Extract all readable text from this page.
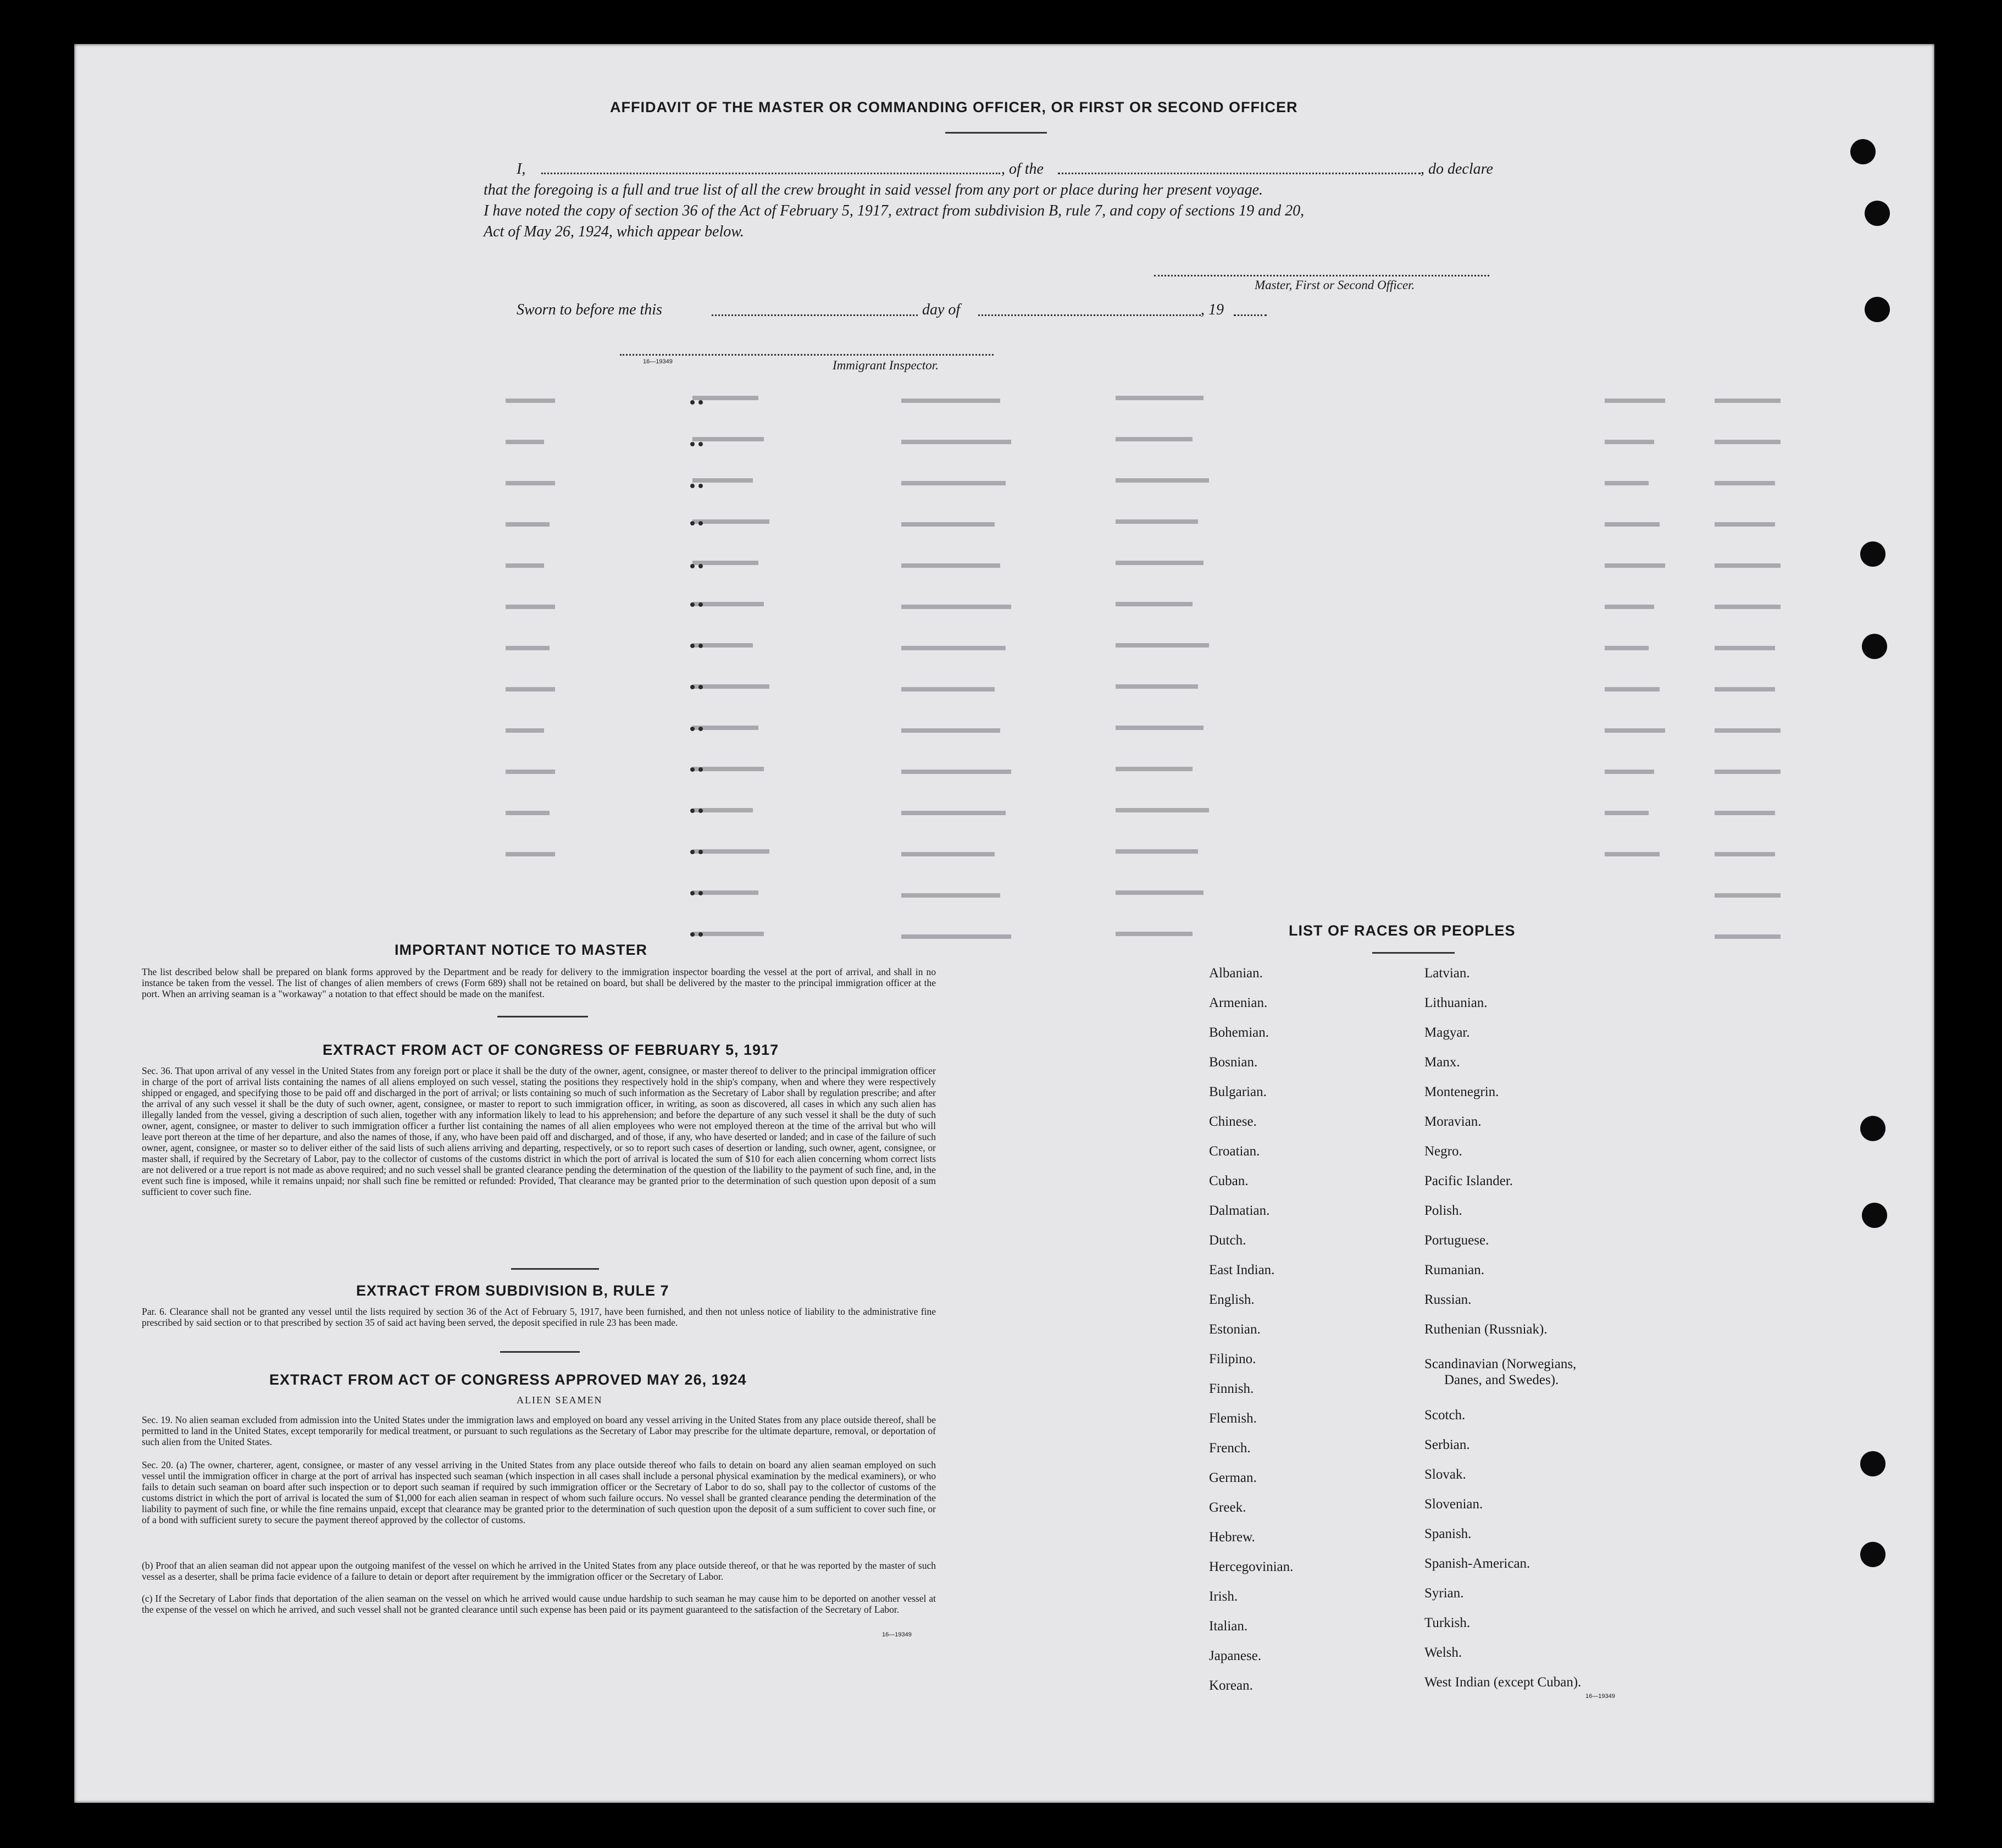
AFFIDAVIT OF THE MASTER OR COMMANDING OFFICER, OR FIRST OR SECOND OFFICER
I,	, of the	, do declare
that the foregoing is a full and true list of all the crew brought in said vessel from any port or place during her present voyage.
I have noted the copy of section 36 of the Act of February 5, 1917, extract from subdivision B, rule 7, and copy of sections 19 and 20,
Act of May 26, 1924, which appear below.
Master, First or Second Officer.
Sworn to before me this	day of	, 19
16—19349	Immigrant Inspector.
IMPORTANT NOTICE TO MASTER
The list described below shall be prepared on blank forms approved by the Department and be ready for delivery to the immigration inspector boarding the vessel at the port of arrival, and shall in no instance be taken from the vessel. The list of changes of alien members of crews (Form 689) shall not be retained on board, but shall be delivered by the master to the principal immigration officer at the port. When an arriving seaman is a "workaway" a notation to that effect should be made on the manifest.
EXTRACT FROM ACT OF CONGRESS OF FEBRUARY 5, 1917
Sec. 36. That upon arrival of any vessel in the United States from any foreign port or place it shall be the duty of the owner, agent, consignee, or master thereof to deliver to the principal immigration officer in charge of the port of arrival lists containing the names of all aliens employed on such vessel, stating the positions they respectively hold in the ship's company, when and where they were respectively shipped or engaged, and specifying those to be paid off and discharged in the port of arrival; or lists containing so much of such information as the Secretary of Labor shall by regulation prescribe; and after the arrival of any such vessel it shall be the duty of such owner, agent, consignee, or master to report to such immigration officer, in writing, as soon as discovered, all cases in which any such alien has illegally landed from the vessel, giving a description of such alien, together with any information likely to lead to his apprehension; and before the departure of any such vessel it shall be the duty of such owner, agent, consignee, or master to deliver to such immigration officer a further list containing the names of all alien employees who were not employed thereon at the time of the arrival but who will leave port thereon at the time of her departure, and also the names of those, if any, who have been paid off and discharged, and of those, if any, who have deserted or landed; and in case of the failure of such owner, agent, consignee, or master so to deliver either of the said lists of such aliens arriving and departing, respectively, or so to report such cases of desertion or landing, such owner, agent, consignee, or master shall, if required by the Secretary of Labor, pay to the collector of customs of the customs district in which the port of arrival is located the sum of $10 for each alien concerning whom correct lists are not delivered or a true report is not made as above required; and no such vessel shall be granted clearance pending the determination of the question of the liability to the payment of such fine, and, in the event such fine is imposed, while it remains unpaid; nor shall such fine be remitted or refunded: Provided, That clearance may be granted prior to the determination of such question upon deposit of a sum sufficient to cover such fine.
EXTRACT FROM SUBDIVISION B, RULE 7
Par. 6. Clearance shall not be granted any vessel until the lists required by section 36 of the Act of February 5, 1917, have been furnished, and then not unless notice of liability to the administrative fine prescribed by said section or to that prescribed by section 35 of said act having been served, the deposit specified in rule 23 has been made.
EXTRACT FROM ACT OF CONGRESS APPROVED MAY 26, 1924
ALIEN SEAMEN
Sec. 19. No alien seaman excluded from admission into the United States under the immigration laws and employed on board any vessel arriving in the United States from any place outside thereof, shall be permitted to land in the United States, except temporarily for medical treatment, or pursuant to such regulations as the Secretary of Labor may prescribe for the ultimate departure, removal, or deportation of such alien from the United States.
Sec. 20. (a) The owner, charterer, agent, consignee, or master of any vessel arriving in the United States from any place outside thereof who fails to detain on board any alien seaman employed on such vessel until the immigration officer in charge at the port of arrival has inspected such seaman (which inspection in all cases shall include a personal physical examination by the medical examiners), or who fails to detain such seaman on board after such inspection or to deport such seaman if required by such immigration officer or the Secretary of Labor to do so, shall pay to the collector of customs of the customs district in which the port of arrival is located the sum of $1,000 for each alien seaman in respect of whom such failure occurs. No vessel shall be granted clearance pending the determination of the liability to payment of such fine, or while the fine remains unpaid, except that clearance may be granted prior to the determination of such question upon the deposit of a sum sufficient to cover such fine, or of a bond with sufficient surety to secure the payment thereof approved by the collector of customs.
(b) Proof that an alien seaman did not appear upon the outgoing manifest of the vessel on which he arrived in the United States from any place outside thereof, or that he was reported by the master of such vessel as a deserter, shall be prima facie evidence of a failure to detain or deport after requirement by the immigration officer or the Secretary of Labor.
(c) If the Secretary of Labor finds that deportation of the alien seaman on the vessel on which he arrived would cause undue hardship to such seaman he may cause him to be deported on another vessel at the expense of the vessel on which he arrived, and such vessel shall not be granted clearance until such expense has been paid or its payment guaranteed to the satisfaction of the Secretary of Labor.
16—19349
LIST OF RACES OR PEOPLES
Albanian.
Armenian.
Bohemian.
Bosnian.
Bulgarian.
Chinese.
Croatian.
Cuban.
Dalmatian.
Dutch.
East Indian.
English.
Estonian.
Filipino.
Finnish.
Flemish.
French.
German.
Greek.
Hebrew.
Hercegovinian.
Irish.
Italian.
Japanese.
Korean.
Latvian.
Lithuanian.
Magyar.
Manx.
Montenegrin.
Moravian.
Negro.
Pacific Islander.
Polish.
Portuguese.
Rumanian.
Russian.
Ruthenian (Russniak).
Scandinavian (Norwegians,
Danes, and Swedes).
Scotch.
Serbian.
Slovak.
Slovenian.
Spanish.
Spanish-American.
Syrian.
Turkish.
Welsh.
West Indian (except Cuban).
16—19349
